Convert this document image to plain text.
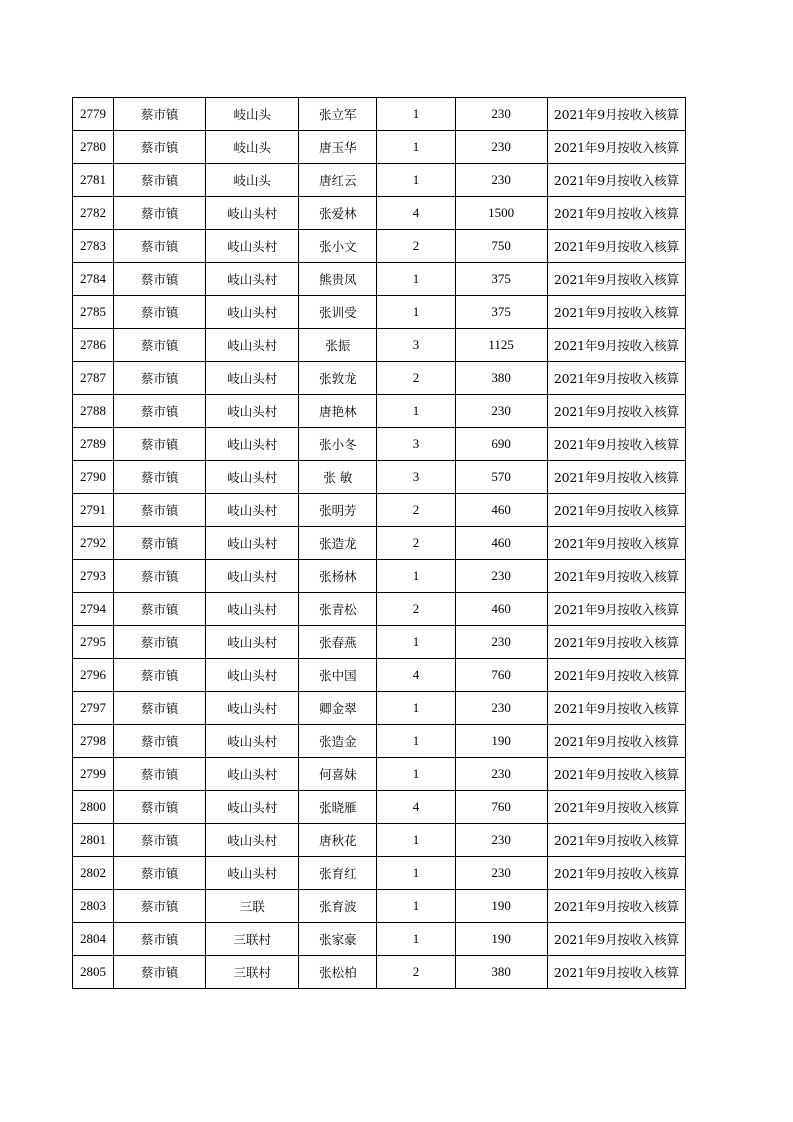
2779	蔡市镇	岐山头	张立军	1	230	2021年9月按收入核算
2780	蔡市镇	岐山头	唐玉华	1	230	2021年9月按收入核算
2781	蔡市镇	岐山头	唐红云	1	230	2021年9月按收入核算
2782	蔡市镇	岐山头村	张爱林	4	1500	2021年9月按收入核算
2783	蔡市镇	岐山头村	张小文	2	750	2021年9月按收入核算
2784	蔡市镇	岐山头村	熊贵凤	1	375	2021年9月按收入核算
2785	蔡市镇	岐山头村	张训受	1	375	2021年9月按收入核算
2786	蔡市镇	岐山头村	张振	3	1125	2021年9月按收入核算
2787	蔡市镇	岐山头村	张敦龙	2	380	2021年9月按收入核算
2788	蔡市镇	岐山头村	唐艳林	1	230	2021年9月按收入核算
2789	蔡市镇	岐山头村	张小冬	3	690	2021年9月按收入核算
2790	蔡市镇	岐山头村	张 敏	3	570	2021年9月按收入核算
2791	蔡市镇	岐山头村	张明芳	2	460	2021年9月按收入核算
2792	蔡市镇	岐山头村	张造龙	2	460	2021年9月按收入核算
2793	蔡市镇	岐山头村	张杨林	1	230	2021年9月按收入核算
2794	蔡市镇	岐山头村	张青松	2	460	2021年9月按收入核算
2795	蔡市镇	岐山头村	张春燕	1	230	2021年9月按收入核算
2796	蔡市镇	岐山头村	张中国	4	760	2021年9月按收入核算
2797	蔡市镇	岐山头村	卿金翠	1	230	2021年9月按收入核算
2798	蔡市镇	岐山头村	张造金	1	190	2021年9月按收入核算
2799	蔡市镇	岐山头村	何喜妹	1	230	2021年9月按收入核算
2800	蔡市镇	岐山头村	张晓雁	4	760	2021年9月按收入核算
2801	蔡市镇	岐山头村	唐秋花	1	230	2021年9月按收入核算
2802	蔡市镇	岐山头村	张育红	1	230	2021年9月按收入核算
2803	蔡市镇	三联	张育波	1	190	2021年9月按收入核算
2804	蔡市镇	三联村	张家豪	1	190	2021年9月按收入核算
2805	蔡市镇	三联村	张松柏	2	380	2021年9月按收入核算
